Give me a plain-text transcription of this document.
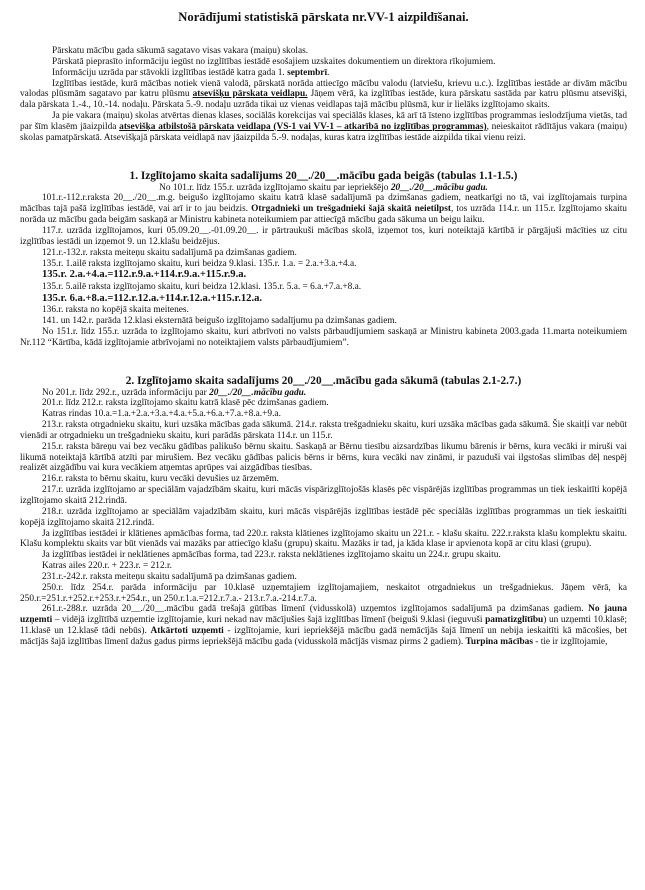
Norādījumi statistiskā pārskata nr.VV-1 aizpildīšanai.

Pārskatu mācību gada sākumā sagatavo visas vakara (maiņu) skolas.

Pārskatā pieprasīto informāciju iegūst no izglītības iestādē esošajiem uzskaites dokumentiem un direktora rīkojumiem.

Informāciju uzrāda par stāvokli izglītības iestādē katra gada 1. septembrī.

Izglītības iestāde, kurā mācības notiek vienā valodā, pārskatā norāda attiecīgo mācību valodu (latviešu, krievu u.c.). Izglītības iestāde ar divām mācību valodas plūsmām sagatavo par katru plūsmu atsevišķu pārskata veidlapu. Jāņem vērā, ka izglītības iestāde, kura pārskatu sastāda par katru plūsmu atsevišķi, dala pārskata 1.-4., 10.-14. nodaļu. Pārskata 5.-9. nodaļu uzrāda tikai uz vienas veidlapas tajā mācību plūsmā, kur ir lielāks izglītojamo skaits.

Ja pie vakara (maiņu) skolas atvērtas dienas klases, sociālās korekcijas vai speciālās klases, kā arī tā īsteno izglītības programmas ieslodzījuma vietās, tad par šīm klasēm jāaizpilda atsevišķa atbilstošā pārskata veidlapa (VS-1 vai VV-1 – atkarībā no izglītības programmas), neieskaitot rādītājus vakara (maiņu) skolas pamatpārskatā. Atsevišķajā pārskata veidlapā nav jāaizpilda 5.-9. nodaļas, kuras katra izglītības iestāde aizpilda tikai vienu reizi.

1. Izglītojamo skaita sadalījums 20__./20__.mācību gada beigās (tabulas 1.1-1.5.)

No 101.r. līdz 155.r. uzrāda izglītojamo skaitu par iepriekšējo 20__./20__.mācību gadu.

101.r.-112.r.raksta 20__./20__.m.g. beigušo izglītojamo skaitu katrā klasē sadalījumā pa dzimšanas gadiem, neatkarīgi no tā, vai izglītojamais turpina mācības tajā pašā izglītības iestādē, vai arī ir to jau beidzis. Otrgadnieki un trešgadnieki šajā skaitā neietilpst, tos uzrāda 114.r. un 115.r. Izglītojamo skaitu norāda uz mācību gada beigām saskaņā ar Ministru kabineta noteikumiem par attiecīgā mācību gada sākuma un beigu laiku.

117.r. uzrāda izglītojamos, kuri 05.09.20__.-01.09.20__. ir pārtraukuši mācības skolā, izņemot tos, kuri noteiktajā kārtībā ir pārgājuši mācīties uz citu izglītības iestādi un izņemot 9. un 12.klašu beidzējus.

121.r.-132.r. raksta meiteņu skaitu sadalījumā pa dzimšanas gadiem.

135.r. 1.ailē raksta izglītojamo skaitu, kuri beidza 9.klasi. 135.r. 1.a. = 2.a.+3.a.+4.a.

135.r. 2.a.+4.a.=112.r.9.a.+114.r.9.a.+115.r.9.a.

135.r. 5.ailē raksta izglītojamo skaitu, kuri beidza 12.klasi. 135.r. 5.a. = 6.a.+7.a.+8.a.

135.r. 6.a.+8.a.=112.r.12.a.+114.r.12.a.+115.r.12.a.

136.r. raksta no kopējā skaita meitenes.

141. un 142.r. parāda 12.klasi eksternātā beigušo izglītojamo sadalījumu pa dzimšanas gadiem.

No 151.r. līdz 155.r. uzrāda to izglītojamo skaitu, kuri atbrīvoti no valsts pārbaudījumiem saskaņā ar Ministru kabineta 2003.gada 11.marta noteikumiem Nr.112 “Kārtība, kādā izglītojamie atbrīvojami no noteiktajiem valsts pārbaudījumiem”.

2. Izglītojamo skaita sadalījums 20__./20__.mācību gada sākumā (tabulas 2.1-2.7.)

No 201.r. līdz 292.r., uzrāda informāciju par 20__./20__.mācību gadu.

201.r. līdz 212.r. raksta izglītojamo skaitu katrā klasē pēc dzimšanas gadiem.

Katras rindas 10.a.=1.a.+2.a.+3.a.+4.a.+5.a.+6.a.+7.a.+8.a.+9.a.

213.r. raksta otrgadnieku skaitu, kuri uzsāka mācības gada sākumā. 214.r. raksta trešgadnieku skaitu, kuri uzsāka mācības gada sākumā. Šie skaitļi var nebūt vienādi ar otrgadnieku un trešgadnieku skaitu, kuri parādās pārskata 114.r. un 115.r.

215.r. raksta bāreņu vai bez vecāku gādības palikušo bērnu skaitu. Saskaņā ar Bērnu tiesību aizsardzības likumu bārenis ir bērns, kura vecāki ir miruši vai likumā noteiktajā kārtībā atzīti par mirušiem. Bez vecāku gādības palicis bērns ir bērns, kura vecāki nav zināmi, ir pazuduši vai ilgstošas slimības dēļ nespēj realizēt aizgādību vai kura vecākiem atņemtas aprūpes vai aizgādības tiesības.

216.r. raksta to bērnu skaitu, kuru vecāki devušies uz ārzemēm.

217.r. uzrāda izglītojamo ar speciālām vajadzībām skaitu, kuri mācās vispārizglītojošās klasēs pēc vispārējās izglītības programmas un tiek ieskaitīti kopējā izglītojamo skaitā 212.rindā.

218.r. uzrāda izglītojamo ar speciālām vajadzībām skaitu, kuri mācās vispārējās izglītības iestādē pēc speciālās izglītības programmas un tiek ieskaitīti kopējā izglītojamo skaitā 212.rindā.

Ja izglītības iestādei ir klātienes apmācības forma, tad 220.r. raksta klātienes izglītojamo skaitu un 221.r. - klašu skaitu. 222.r.raksta klašu komplektu skaitu. Klašu komplektu skaits var būt vienāds vai mazāks par attiecīgo klašu (grupu) skaitu. Mazāks ir tad, ja kāda klase ir apvienota kopā ar citu klasi (grupu).

Ja izglītības iestādei ir neklātienes apmācības forma, tad 223.r. raksta neklātienes izglītojamo skaitu un 224.r. grupu skaitu.

Katras ailes 220.r. + 223.r. = 212.r.

231.r.-242.r. raksta meiteņu skaitu sadalījumā pa dzimšanas gadiem.

250.r. līdz 254.r. parāda informāciju par 10.klasē uzņemtajiem izglītojamajiem, neskaitot otrgadniekus un trešgadniekus. Jāņem vērā, ka 250.r.=251.r.+252.r.+253.r.+254.r., un 250.r.1.a.=212.r.7.a.- 213.r.7.a.-214.r.7.a.

261.r.-288.r. uzrāda 20__./20__.mācību gadā trešajā gūtības līmenī (vidusskolā) uzņemtos izglītojamos sadalījumā pa dzimšanas gadiem. No jauna uzņemti – vidējā izglītībā uzņemtie izglītojamie, kuri nekad nav mācījušies šajā izglītības līmenī (beiguši 9.klasi (ieguvuši pamatizglītību) un uzņemti 10.klasē; 11.klasē un 12.klasē tādi nebūs). Atkārtoti uzņemti - izglītojamie, kuri iepriekšējā mācību gadā nemācījās šajā līmenī un nebija ieskaitīti kā mācošies, bet mācījās šajā izglītības līmenī dažus gadus pirms iepriekšējā mācību gada (vidusskolā mācījās vismaz pirms 2 gadiem). Turpina mācības - tie ir izglītojamie,
